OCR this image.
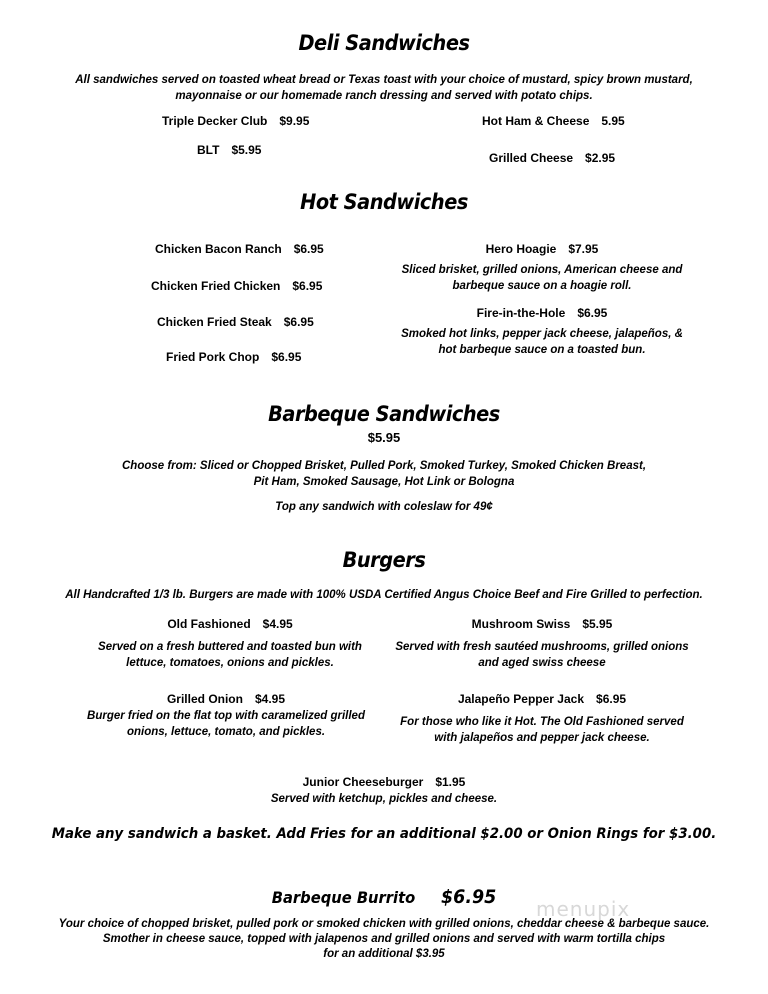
Deli Sandwiches
All sandwiches served on toasted wheat bread or Texas toast with your choice of mustard, spicy brown mustard,
mayonnaise or our homemade ranch dressing and served with potato chips.
Triple Decker Club $9.95	Hot Ham & Cheese 5.95
BLT $5.95
Grilled Cheese $2.95
Hot Sandwiches
Chicken Bacon Ranch $6.95
Chicken Fried Chicken $6.95
Chicken Fried Steak $6.95
Fried Pork Chop $6.95
Hero Hoagie $7.95
Sliced brisket, grilled onions, American cheese and
barbeque sauce on a hoagie roll.
Fire-in-the-Hole $6.95
Smoked hot links, pepper jack cheese, jalapeños, &
hot barbeque sauce on a toasted bun.
Barbeque Sandwiches
$5.95
Choose from: Sliced or Chopped Brisket, Pulled Pork, Smoked Turkey, Smoked Chicken Breast,
Pit Ham, Smoked Sausage, Hot Link or Bologna
Top any sandwich with coleslaw for 49¢
Burgers
All Handcrafted 1/3 lb. Burgers are made with 100% USDA Certified Angus Choice Beef and Fire Grilled to perfection.
Old Fashioned $4.95
Served on a fresh buttered and toasted bun with
lettuce, tomatoes, onions and pickles.
Mushroom Swiss $5.95
Served with fresh sautéed mushrooms, grilled onions
and aged swiss cheese
Grilled Onion $4.95
Burger fried on the flat top with caramelized grilled
onions, lettuce, tomato, and pickles.
Jalapeño Pepper Jack $6.95
For those who like it Hot. The Old Fashioned served
with jalapeños and pepper jack cheese.
Junior Cheeseburger $1.95
Served with ketchup, pickles and cheese.
Make any sandwich a basket. Add Fries for an additional $2.00 or Onion Rings for $3.00.
Barbeque Burrito $6.95
Your choice of chopped brisket, pulled pork or smoked chicken with grilled onions, cheddar cheese & barbeque sauce.
Smother in cheese sauce, topped with jalapenos and grilled onions and served with warm tortilla chips
for an additional $3.95
menupix
